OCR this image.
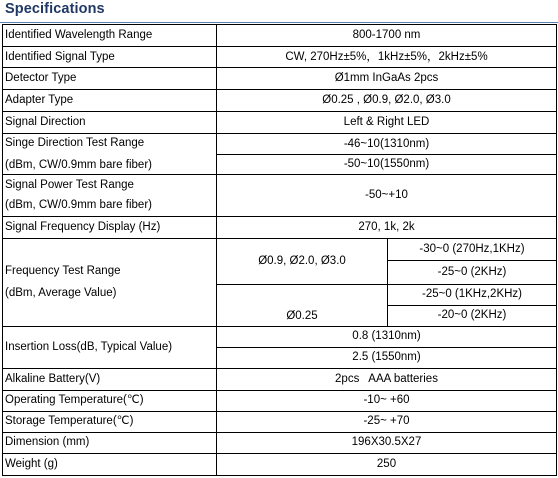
Specifications
Identified Wavelength Range	800-1700 nm	
Identified Signal Type	CW, 270Hz±5%，1kHz±5%，2kHz±5%	
Detector Type	Ø1mm InGaAs 2pcs	
Adapter Type	Ø0.25 , Ø0.9, Ø2.0, Ø3.0	
Signal Direction	Left & Right LED	

Singe Direction Test Range
(dBm, CW/0.9mm bare fiber)	-46~10(1310nm)	
	-50~10(1550nm)	

Signal Power Test Range
(dBm, CW/0.9mm bare fiber)	-50~+10	
Signal Frequency Display (Hz)	270, 1k, 2k	

Frequency Test Range
(dBm, Average Value)	Ø0.9, Ø2.0, Ø3.0	-30~0 (270Hz,1KHz)
		-25~0 (2KHz)
	Ø0.25	-25~0 (1KHz,2KHz)
		-20~0 (2KHz)
Insertion Loss(dB, Typical Value)	0.8 (1310nm)	
	2.5 (1550nm)	
Alkaline Battery(V)	2pcs   AAA batteries	
Operating Temperature(℃)	-10~ +60	
Storage Temperature(℃)	-25~ +70	
Dimension (mm)	196X30.5X27	
Weight (g)	250	
